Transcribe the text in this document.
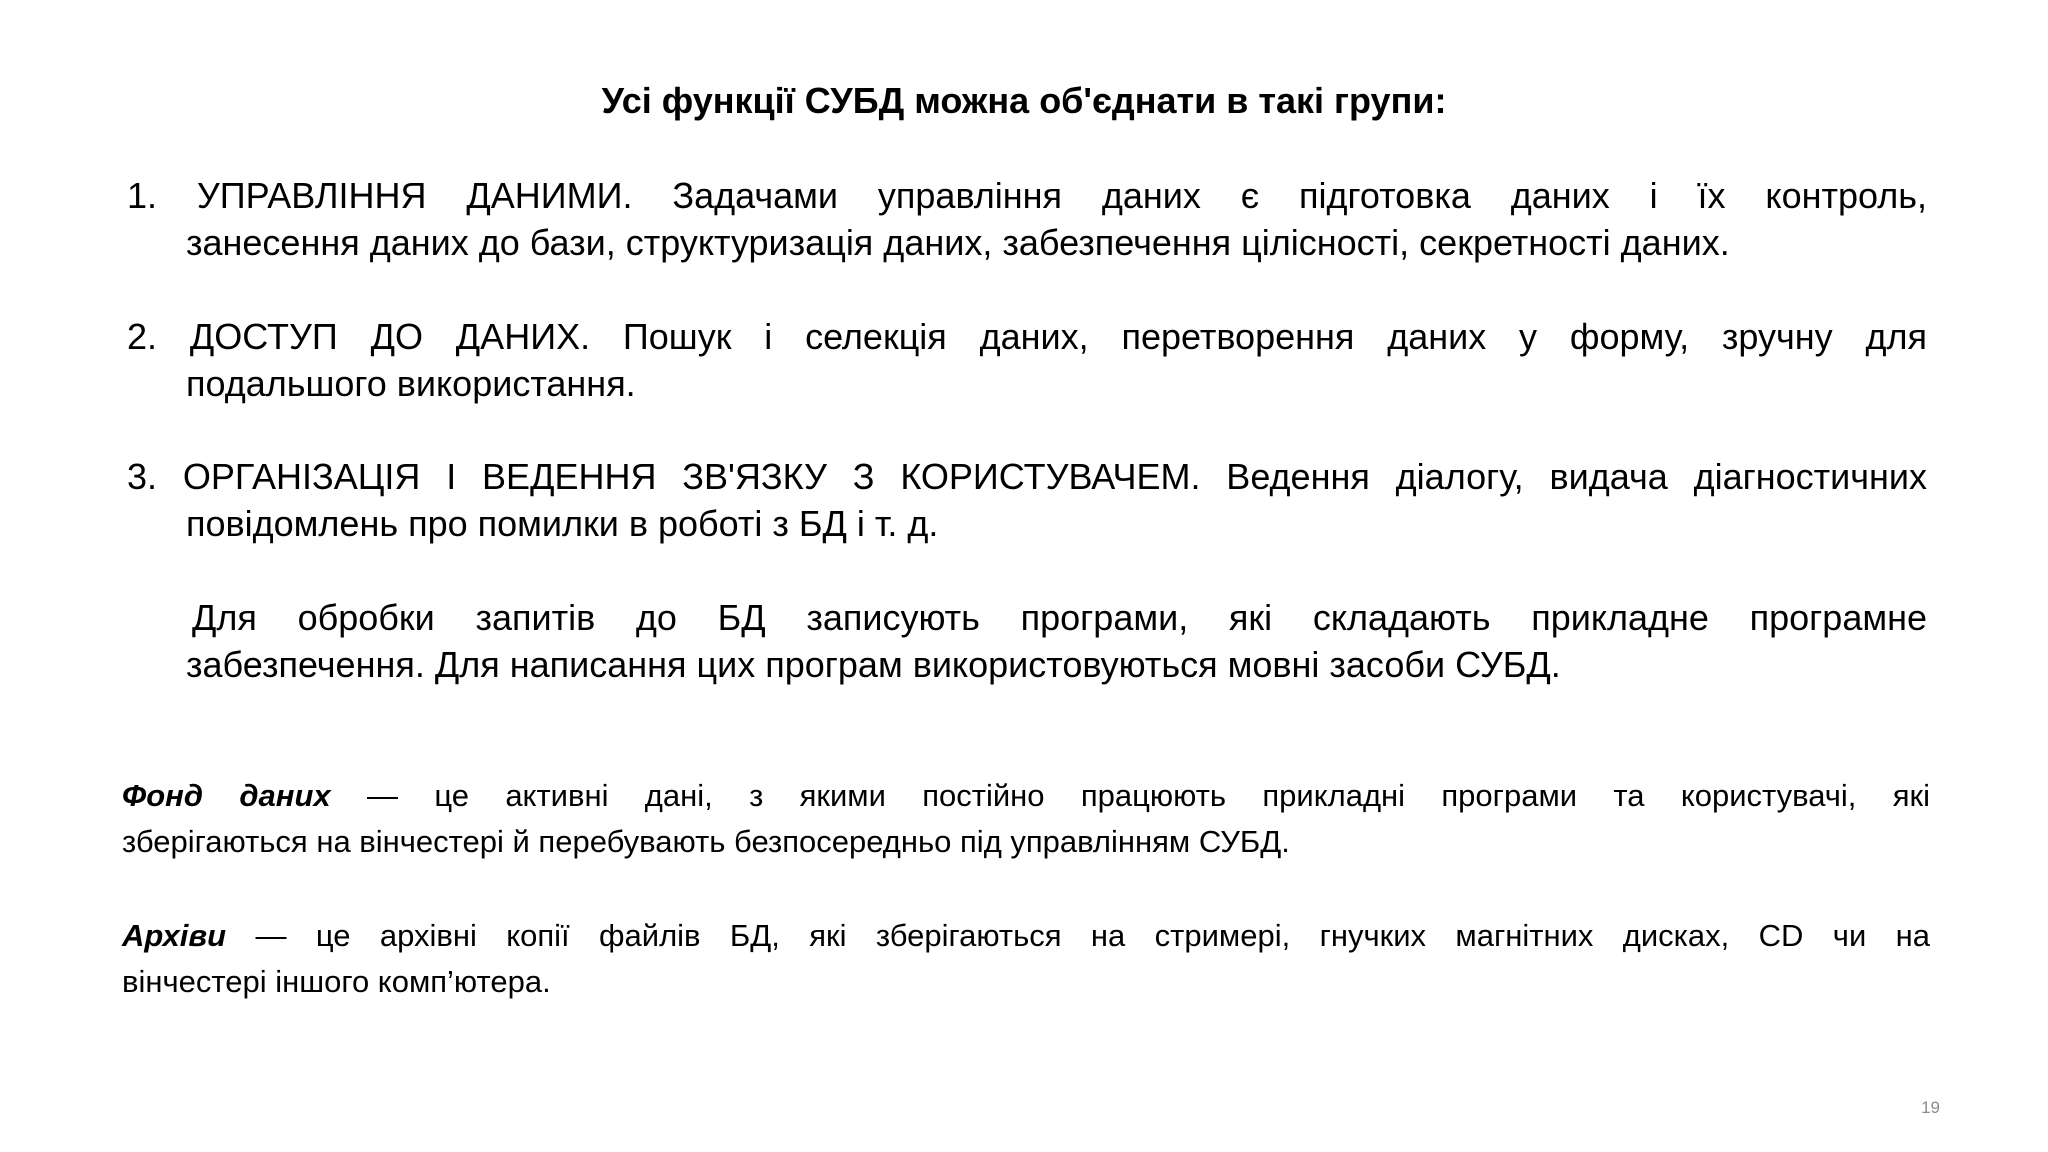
Усі функції СУБД можна об'єднати в такі групи:
1. УПРАВЛІННЯ ДАНИМИ. Задачами управління даних є підготовка даних і їх контроль,
занесення даних до бази, структуризація даних, забезпечення цілісності, секретності даних.
2. ДОСТУП ДО ДАНИХ. Пошук і селекція даних, перетворення даних у форму, зручну для
подальшого використання.
3. ОРГАНІЗАЦІЯ І ВЕДЕННЯ ЗВ'ЯЗКУ З КОРИСТУВАЧЕМ. Ведення діалогу, видача діагностичних
повідомлень про помилки в роботі з БД і т. д.
Для обробки запитів до БД записують програми, які складають прикладне програмне
забезпечення. Для написання цих програм використовуються мовні засоби СУБД.
Фонд даних — це активні дані, з якими постійно працюють прикладні програми та користувачі, які
зберігаються на вінчестері й перебувають безпосередньо під управлінням СУБД.
Архіви — це архівні копії файлів БД, які зберігаються на стримері, гнучких магнітних дисках, CD чи на
вінчестері іншого комп’ютера.
19
